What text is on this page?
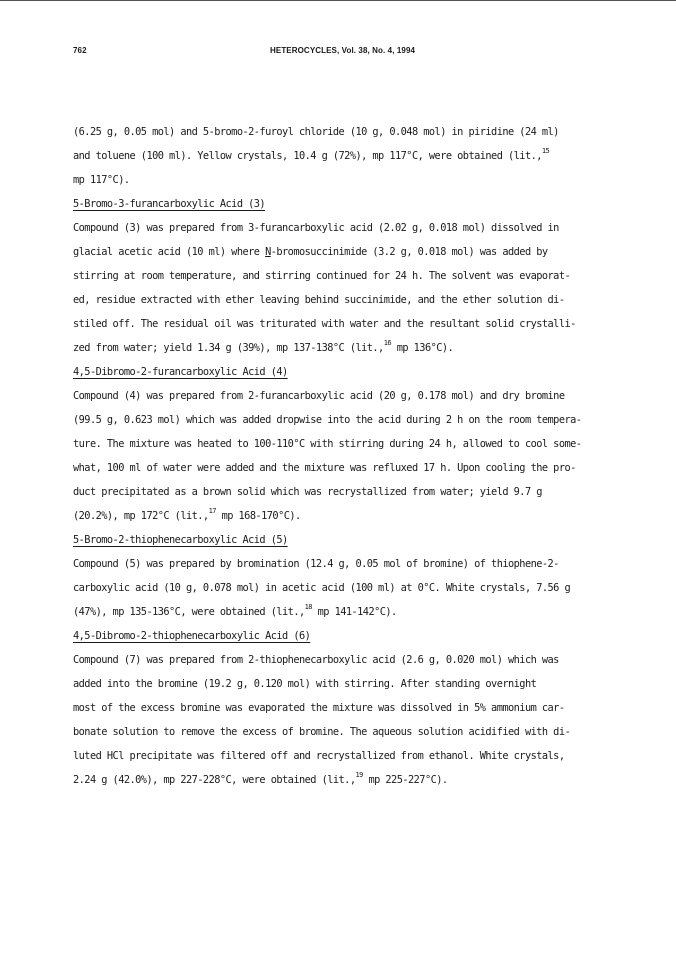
762	HETEROCYCLES, Vol. 38, No. 4, 1994
(6.25 g, 0.05 mol) and 5-bromo-2-furoyl chloride (10 g, 0.048 mol) in piridine (24 ml)
and toluene (100 ml). Yellow crystals, 10.4 g (72%), mp 117°C, were obtained (lit.,$^{15}$
mp 117°C).
5-Bromo-3-furancarboxylic Acid (3)
Compound (3) was prepared from 3-furancarboxylic acid (2.02 g, 0.018 mol) dissolved in
glacial acetic acid (10 ml) where N-bromosuccinimide (3.2 g, 0.018 mol) was added by
stirring at room temperature, and stirring continued for 24 h. The solvent was evaporat-
ed, residue extracted with ether leaving behind succinimide, and the ether solution di-
stiled off. The residual oil was triturated with water and the resultant solid crystalli-
zed from water; yield 1.34 g (39%), mp 137-138°C (lit.,$^{16}$ mp 136°C).
4,5-Dibromo-2-furancarboxylic Acid (4)
Compound (4) was prepared from 2-furancarboxylic acid (20 g, 0.178 mol) and dry bromine
(99.5 g, 0.623 mol) which was added dropwise into the acid during 2 h on the room tempera-
ture. The mixture was heated to 100-110°C with stirring during 24 h, allowed to cool some-
what, 100 ml of water were added and the mixture was refluxed 17 h. Upon cooling the pro-
duct precipitated as a brown solid which was recrystallized from water; yield 9.7 g
(20.2%), mp 172°C (lit.,$^{17}$ mp 168-170°C).
5-Bromo-2-thiophenecarboxylic Acid (5)
Compound (5) was prepared by bromination (12.4 g, 0.05 mol of bromine) of thiophene-2-
carboxylic acid (10 g, 0.078 mol) in acetic acid (100 ml) at 0°C. White crystals, 7.56 g
(47%), mp 135-136°C, were obtained (lit.,$^{18}$ mp 141-142°C).
4,5-Dibromo-2-thiophenecarboxylic Acid (6)
Compound (7) was prepared from 2-thiophenecarboxylic acid (2.6 g, 0.020 mol) which was
added into the bromine (19.2 g, 0.120 mol) with stirring. After standing overnight
most of the excess bromine was evaporated the mixture was dissolved in 5% ammonium car-
bonate solution to remove the excess of bromine. The aqueous solution acidified with di-
luted HCl precipitate was filtered off and recrystallized from ethanol. White crystals,
2.24 g (42.0%), mp 227-228°C, were obtained (lit.,$^{19}$ mp 225-227°C).
